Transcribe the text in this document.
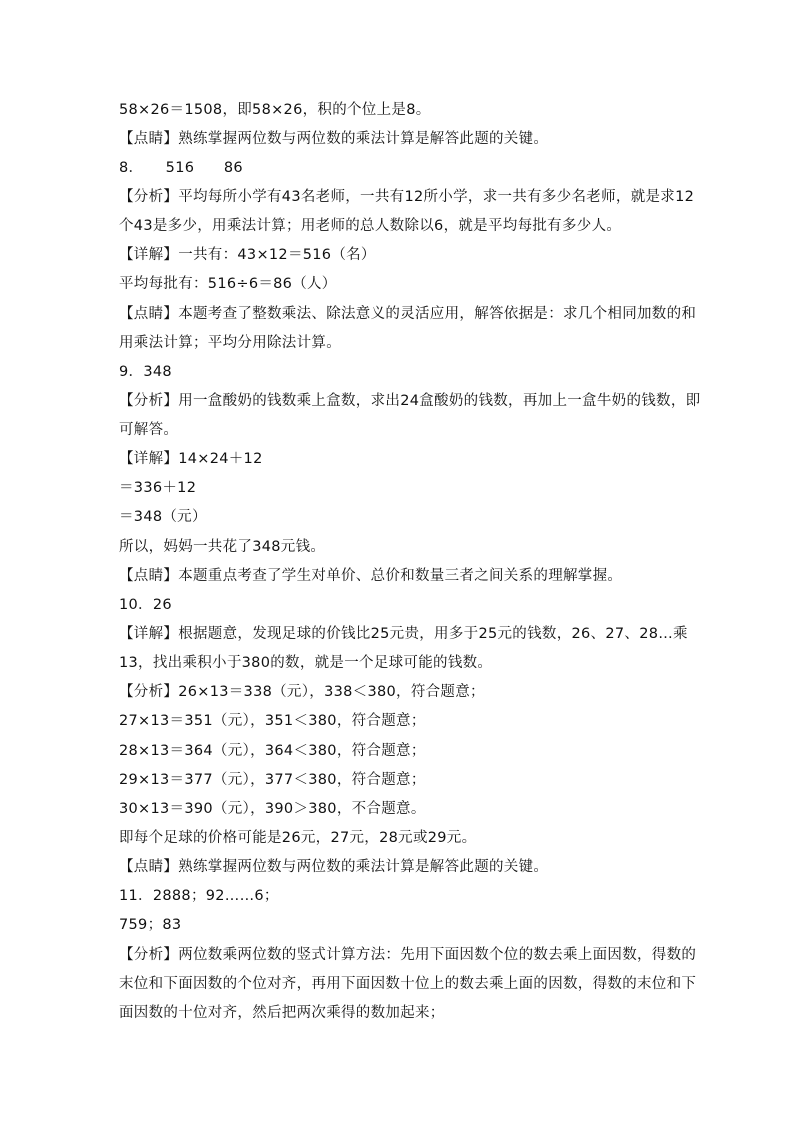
58×26＝1508，即58×26，积的个位上是8。
【点睛】熟练掌握两位数与两位数的乘法计算是解答此题的关键。
8．　　516　　86
【分析】平均每所小学有43名老师，一共有12所小学，求一共有多少名老师，就是求12
个43是多少，用乘法计算；用老师的总人数除以6，就是平均每批有多少人。
【详解】一共有：43×12＝516（名）
平均每批有：516÷6＝86（人）
【点睛】本题考查了整数乘法、除法意义的灵活应用，解答依据是：求几个相同加数的和
用乘法计算；平均分用除法计算。
9．348
【分析】用一盒酸奶的钱数乘上盒数，求出24盒酸奶的钱数，再加上一盒牛奶的钱数，即
可解答。
【详解】14×24＋12
＝336＋12
＝348（元）
所以，妈妈一共花了348元钱。
【点睛】本题重点考查了学生对单价、总价和数量三者之间关系的理解掌握。
10．26
【详解】根据题意，发现足球的价钱比25元贵，用多于25元的钱数，26、27、28…乘
13，找出乘积小于380的数，就是一个足球可能的钱数。
【分析】26×13＝338（元），338＜380，符合题意；
27×13＝351（元），351＜380，符合题意；
28×13＝364（元），364＜380，符合题意；
29×13＝377（元），377＜380，符合题意；
30×13＝390（元），390＞380，不合题意。
即每个足球的价格可能是26元，27元，28元或29元。
【点睛】熟练掌握两位数与两位数的乘法计算是解答此题的关键。
11．2888；92……6；
759；83
【分析】两位数乘两位数的竖式计算方法：先用下面因数个位的数去乘上面因数，得数的
末位和下面因数的个位对齐，再用下面因数十位上的数去乘上面的因数，得数的末位和下
面因数的十位对齐，然后把两次乘得的数加起来；
